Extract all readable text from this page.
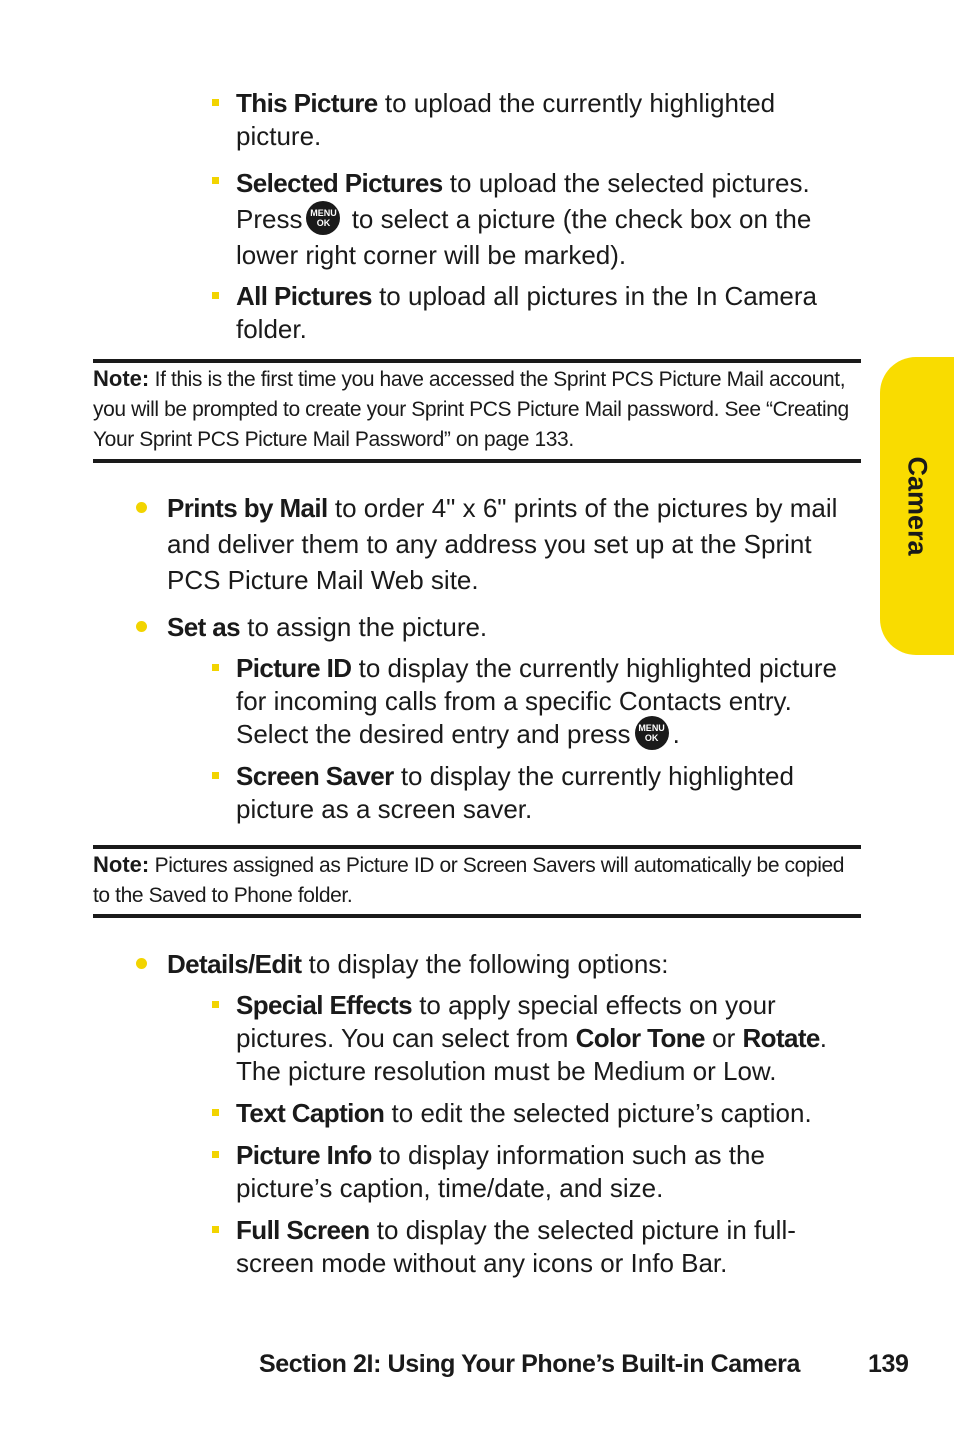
This Picture to upload the currently highlighted picture.
Selected Pictures to upload the selected pictures.
Press MENU
OK to select a picture (the check box on the lower right corner will be marked).
All Pictures to upload all pictures in the In Camera folder.
Note: If this is the first time you have accessed the Sprint PCS Picture Mail account, you will be prompted to create your Sprint PCS Picture Mail password. See “Creating Your Sprint PCS Picture Mail Password” on page 133.
Prints by Mail to order 4" x 6" prints of the pictures by mail and deliver them to any address you set up at the Sprint PCS Picture Mail Web site.
Set as to assign the picture.
Picture ID to display the currently highlighted picture for incoming calls from a specific Contacts entry. Select the desired entry and press MENU
OK .
Screen Saver to display the currently highlighted picture as a screen saver.
Note: Pictures assigned as Picture ID or Screen Savers will automatically be copied to the Saved to Phone folder.
Details/Edit to display the following options:
Special Effects to apply special effects on your pictures. You can select from Color Tone or Rotate. The picture resolution must be Medium or Low.
Text Caption to edit the selected picture’s caption.
Picture Info to display information such as the picture’s caption, time/date, and size.
Full Screen to display the selected picture in full-screen mode without any icons or Info Bar.
Camera
Section 2I: Using Your Phone’s Built-in Camera	139
